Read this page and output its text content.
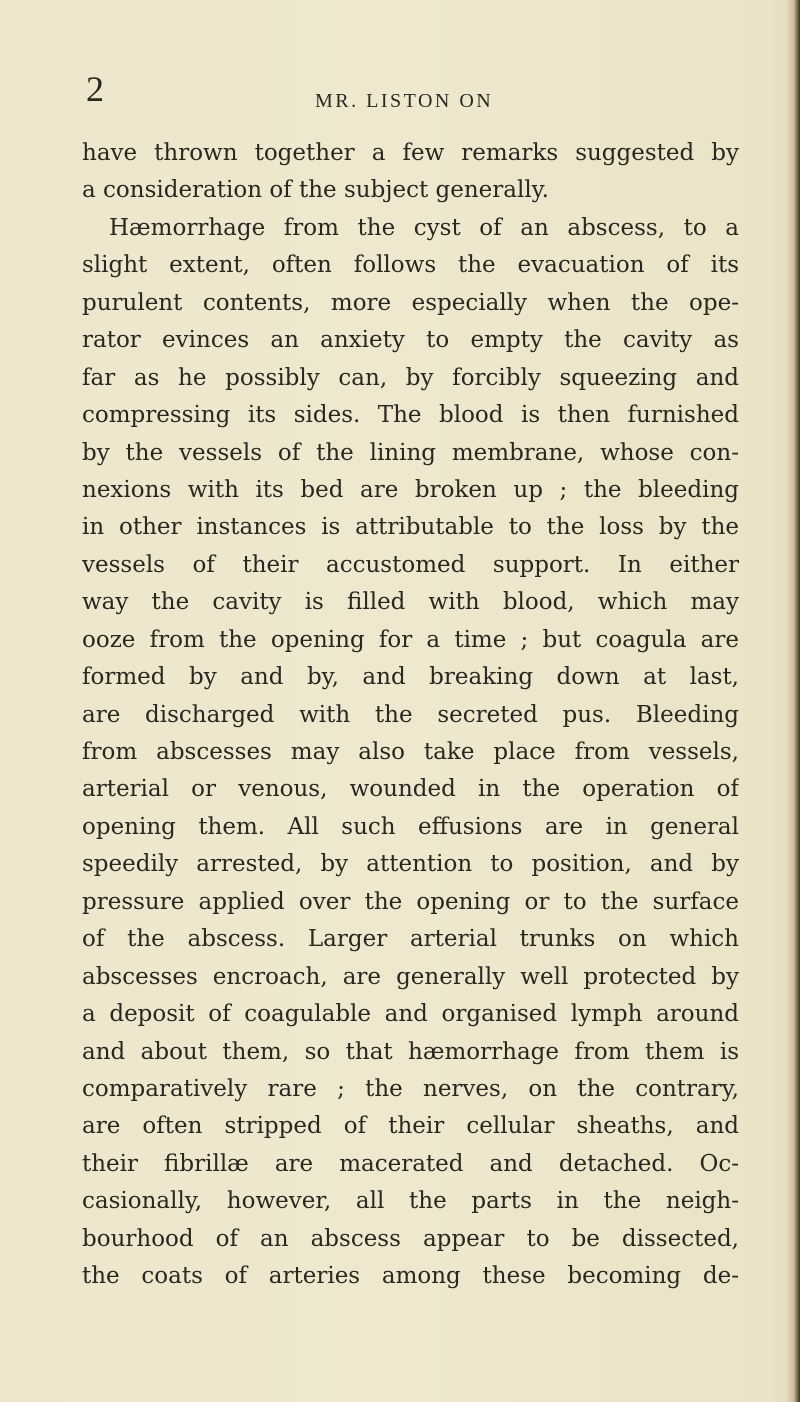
2	MR. LISTON ON
have thrown together a few remarks suggested by
a consideration of the subject generally.
Hæmorrhage from the cyst of an abscess, to a
slight extent, often follows the evacuation of its
purulent contents, more especially when the ope-
rator evinces an anxiety to empty the cavity as
far as he possibly can, by forcibly squeezing and
compressing its sides. The blood is then furnished
by the vessels of the lining membrane, whose con-
nexions with its bed are broken up ; the bleeding
in other instances is attributable to the loss by the
vessels of their accustomed support. In either
way the cavity is filled with blood, which may
ooze from the opening for a time ; but coagula are
formed by and by, and breaking down at last,
are discharged with the secreted pus. Bleeding
from abscesses may also take place from vessels,
arterial or venous, wounded in the operation of
opening them. All such effusions are in general
speedily arrested, by attention to position, and by
pressure applied over the opening or to the surface
of the abscess. Larger arterial trunks on which
abscesses encroach, are generally well protected by
a deposit of coagulable and organised lymph around
and about them, so that hæmorrhage from them is
comparatively rare ; the nerves, on the contrary,
are often stripped of their cellular sheaths, and
their fibrillæ are macerated and detached. Oc-
casionally, however, all the parts in the neigh-
bourhood of an abscess appear to be dissected,
the coats of arteries among these becoming de-
